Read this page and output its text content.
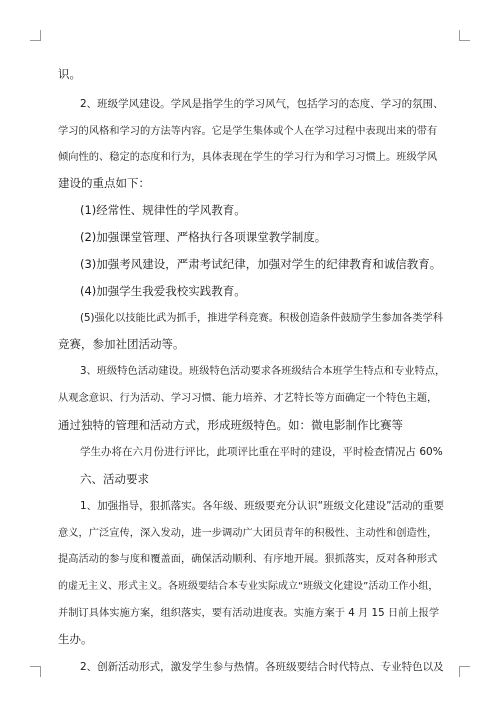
识。
2、班级学风建设。学风是指学生的学习风气，包括学习的态度、学习的氛围、
学习的风格和学习的方法等内容。它是学生集体或个人在学习过程中表现出来的带有
倾向性的、稳定的态度和行为，具体表现在学生的学习行为和学习习惯上。班级学风
建设的重点如下：
(1)经常性、规律性的学风教育。
(2)加强课堂管理、严格执行各项课堂教学制度。
(3)加强考风建设，严肃考试纪律，加强对学生的纪律教育和诚信教育。
(4)加强学生我爱我校实践教育。
(5)强化以技能比武为抓手，推进学科竞赛。积极创造条件鼓励学生参加各类学科
竞赛，参加社团活动等。
3、班级特色活动建设。班级特色活动要求各班级结合本班学生特点和专业特点，
从观念意识、行为活动、学习习惯、能力培养、才艺特长等方面确定一个特色主题，
通过独特的管理和活动方式，形成班级特色。如：微电影制作比赛等
学生办将在六月份进行评比，此项评比重在平时的建设，平时检查情况占 60%
六、活动要求
1、加强指导，狠抓落实。各年级、班级要充分认识“班级文化建设”活动的重要
意义，广泛宣传，深入发动，进一步调动广大团员青年的积极性、主动性和创造性，
提高活动的参与度和覆盖面，确保活动顺利、有序地开展。狠抓落实，反对各种形式
的虚无主义、形式主义。各班级要结合本专业实际成立“班级文化建设”活动工作小组，
并制订具体实施方案，组织落实，要有活动进度表。实施方案于 4 月 15 日前上报学
生办。
2、创新活动形式，激发学生参与热情。各班级要结合时代特点、专业特色以及
